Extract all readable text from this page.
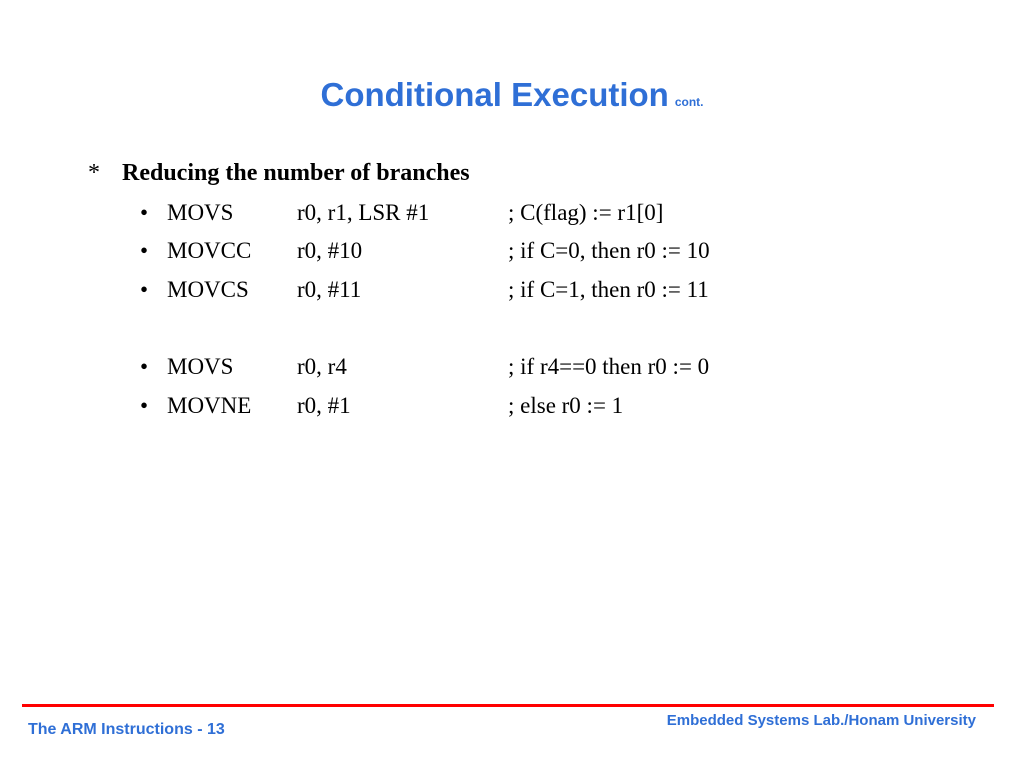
Conditional Execution cont.
* Reducing the number of branches
• MOVS	r0, r1, LSR #1	; C(flag) := r1[0]
• MOVCC r0, #10	; if C=0, then r0 := 10
• MOVCS r0, #11	; if C=1, then r0 := 11
• MOVS	r0, r4	; if r4==0 then r0 := 0
• MOVNE r0, #1	; else r0 := 1
The ARM Instructions - 13
Embedded Systems Lab./Honam University
